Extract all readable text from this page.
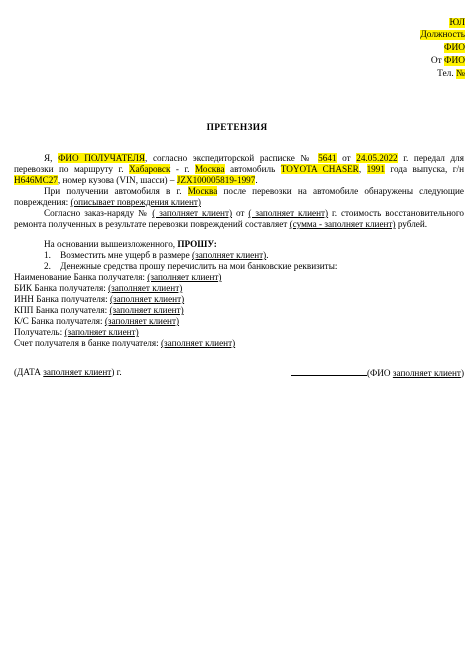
ЮЛ
Должность
ФИО
От ФИО
Тел. №
ПРЕТЕНЗИЯ
Я, ФИО ПОЛУЧАТЕЛЯ, согласно экспедиторской расписке № 5641 от 24.05.2022 г. передал для
перевозки по маршруту г. Хабаровск - г. Москва автомобиль TOYOTA CHASER, 1991 года выпуска, г/н
Н646МС27, номер кузова (VIN, шасси) – JZX100005819-1997.
При получении автомобиля в г. Москва после перевозки на автомобиле обнаружены следующие
повреждения: (описывает повреждения клиент)
Согласно заказ-наряду № ( заполняет клиент) от ( заполняет клиент) г. стоимость восстановительного
ремонта полученных в результате перевозки повреждений составляет (сумма - заполняет клиент) рублей.
На основании вышеизложенного, ПРОШУ:
1. Возместить мне ущерб в размере (заполняет клиент).
2. Денежные средства прошу перечислить на мои банковские реквизиты:
Наименование Банка получателя: (заполняет клиент)
БИК Банка получателя: (заполняет клиент)
ИНН Банка получателя: (заполняет клиент)
КПП Банка получателя: (заполняет клиент)
К/С Банка получателя: (заполняет клиент)
Получатель: (заполняет клиент)
Счет получателя в банке получателя: (заполняет клиент)
(ДАТА заполняет клиент) г.	(ФИО заполняет клиент)
